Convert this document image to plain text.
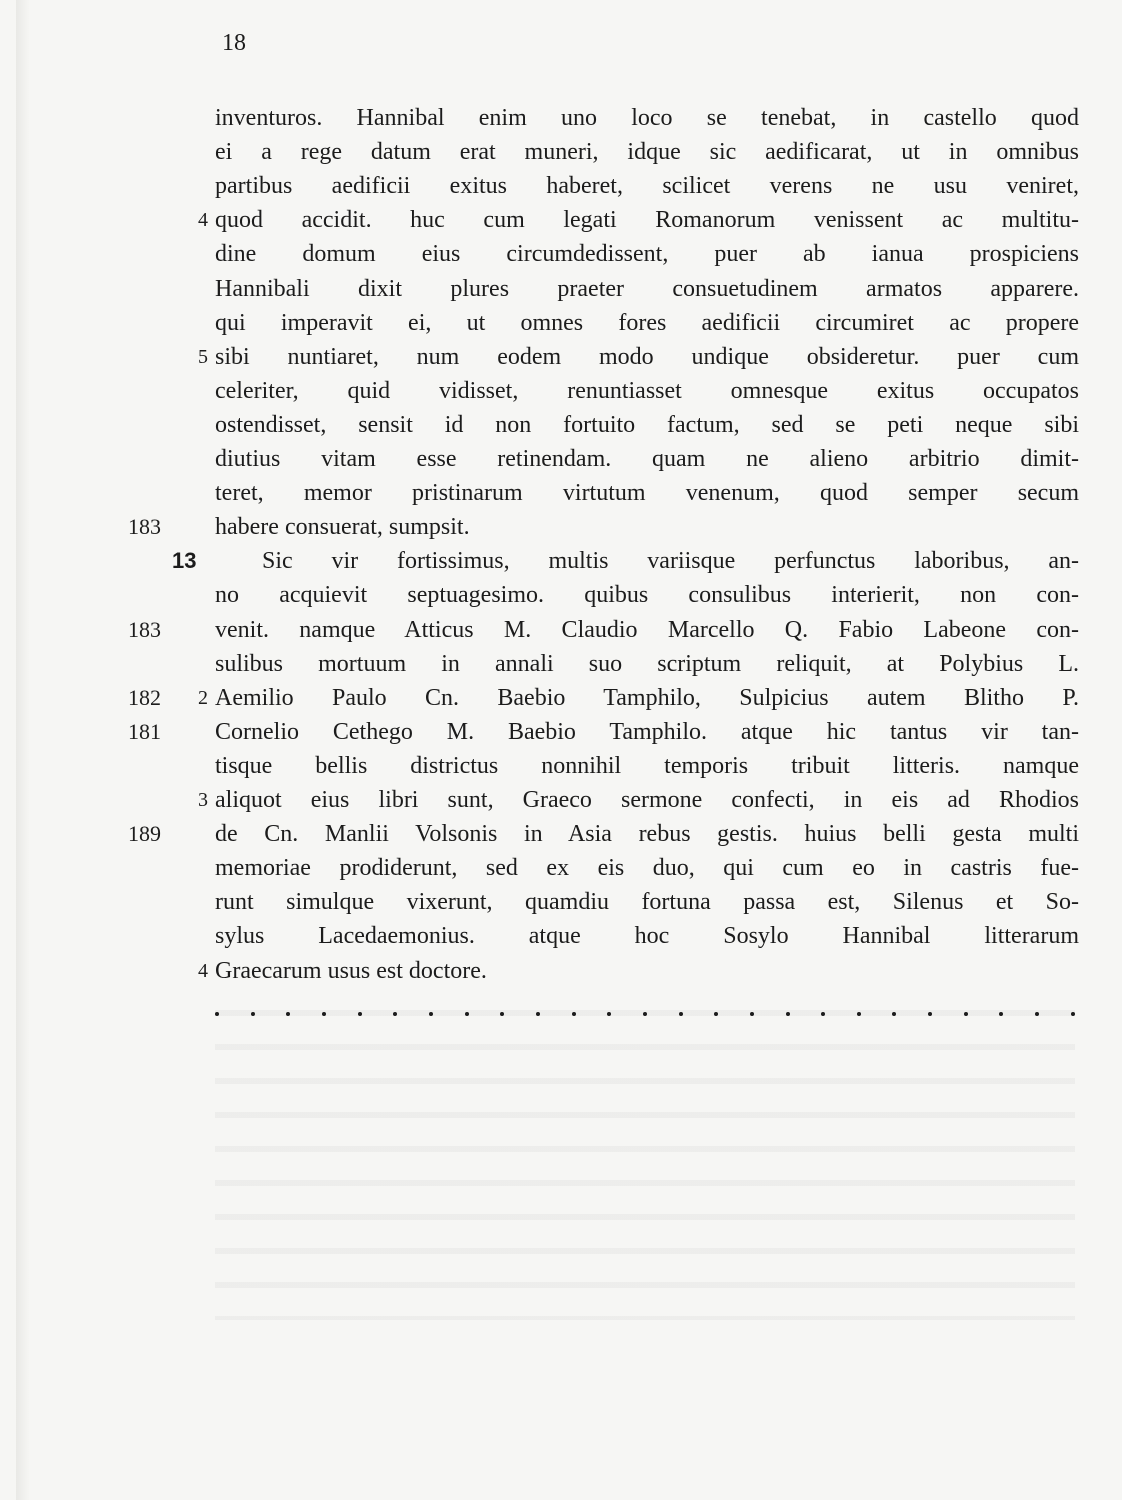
18
inventuros. Hannibal enim uno loco se tenebat, in castello quod
ei a rege datum erat muneri, idque sic aedificarat, ut in omnibus
partibus aedificii exitus haberet, scilicet verens ne usu veniret,
4 quod accidit. huc cum legati Romanorum venissent ac multitu-
dine domum eius circumdedissent, puer ab ianua prospiciens
Hannibali dixit plures praeter consuetudinem armatos apparere.
qui imperavit ei, ut omnes fores aedificii circumiret ac propere
5 sibi nuntiaret, num eodem modo undique obsideretur. puer cum
celeriter, quid vidisset, renuntiasset omnesque exitus occupatos
ostendisset, sensit id non fortuito factum, sed se peti neque sibi
diutius vitam esse retinendam. quam ne alieno arbitrio dimit-
teret, memor pristinarum virtutum venenum, quod semper secum
183	habere consuerat, sumpsit.
13	Sic vir fortissimus, multis variisque perfunctus laboribus, an-
no acquievit septuagesimo. quibus consulibus interierit, non con-
183	venit. namque Atticus M. Claudio Marcello Q. Fabio Labeone con-
sulibus mortuum in annali suo scriptum reliquit, at Polybius L.
182	2 Aemilio Paulo Cn. Baebio Tamphilo, Sulpicius autem Blitho P.
181	Cornelio Cethego M. Baebio Tamphilo. atque hic tantus vir tan-
tisque bellis districtus nonnihil temporis tribuit litteris. namque
3 aliquot eius libri sunt, Graeco sermone confecti, in eis ad Rhodios
189	de Cn. Manlii Volsonis in Asia rebus gestis. huius belli gesta multi
memoriae prodiderunt, sed ex eis duo, qui cum eo in castris fue-
runt simulque vixerunt, quamdiu fortuna passa est, Silenus et So-
sylus Lacedaemonius. atque hoc Sosylo Hannibal litterarum
4 Graecarum usus est doctore.
